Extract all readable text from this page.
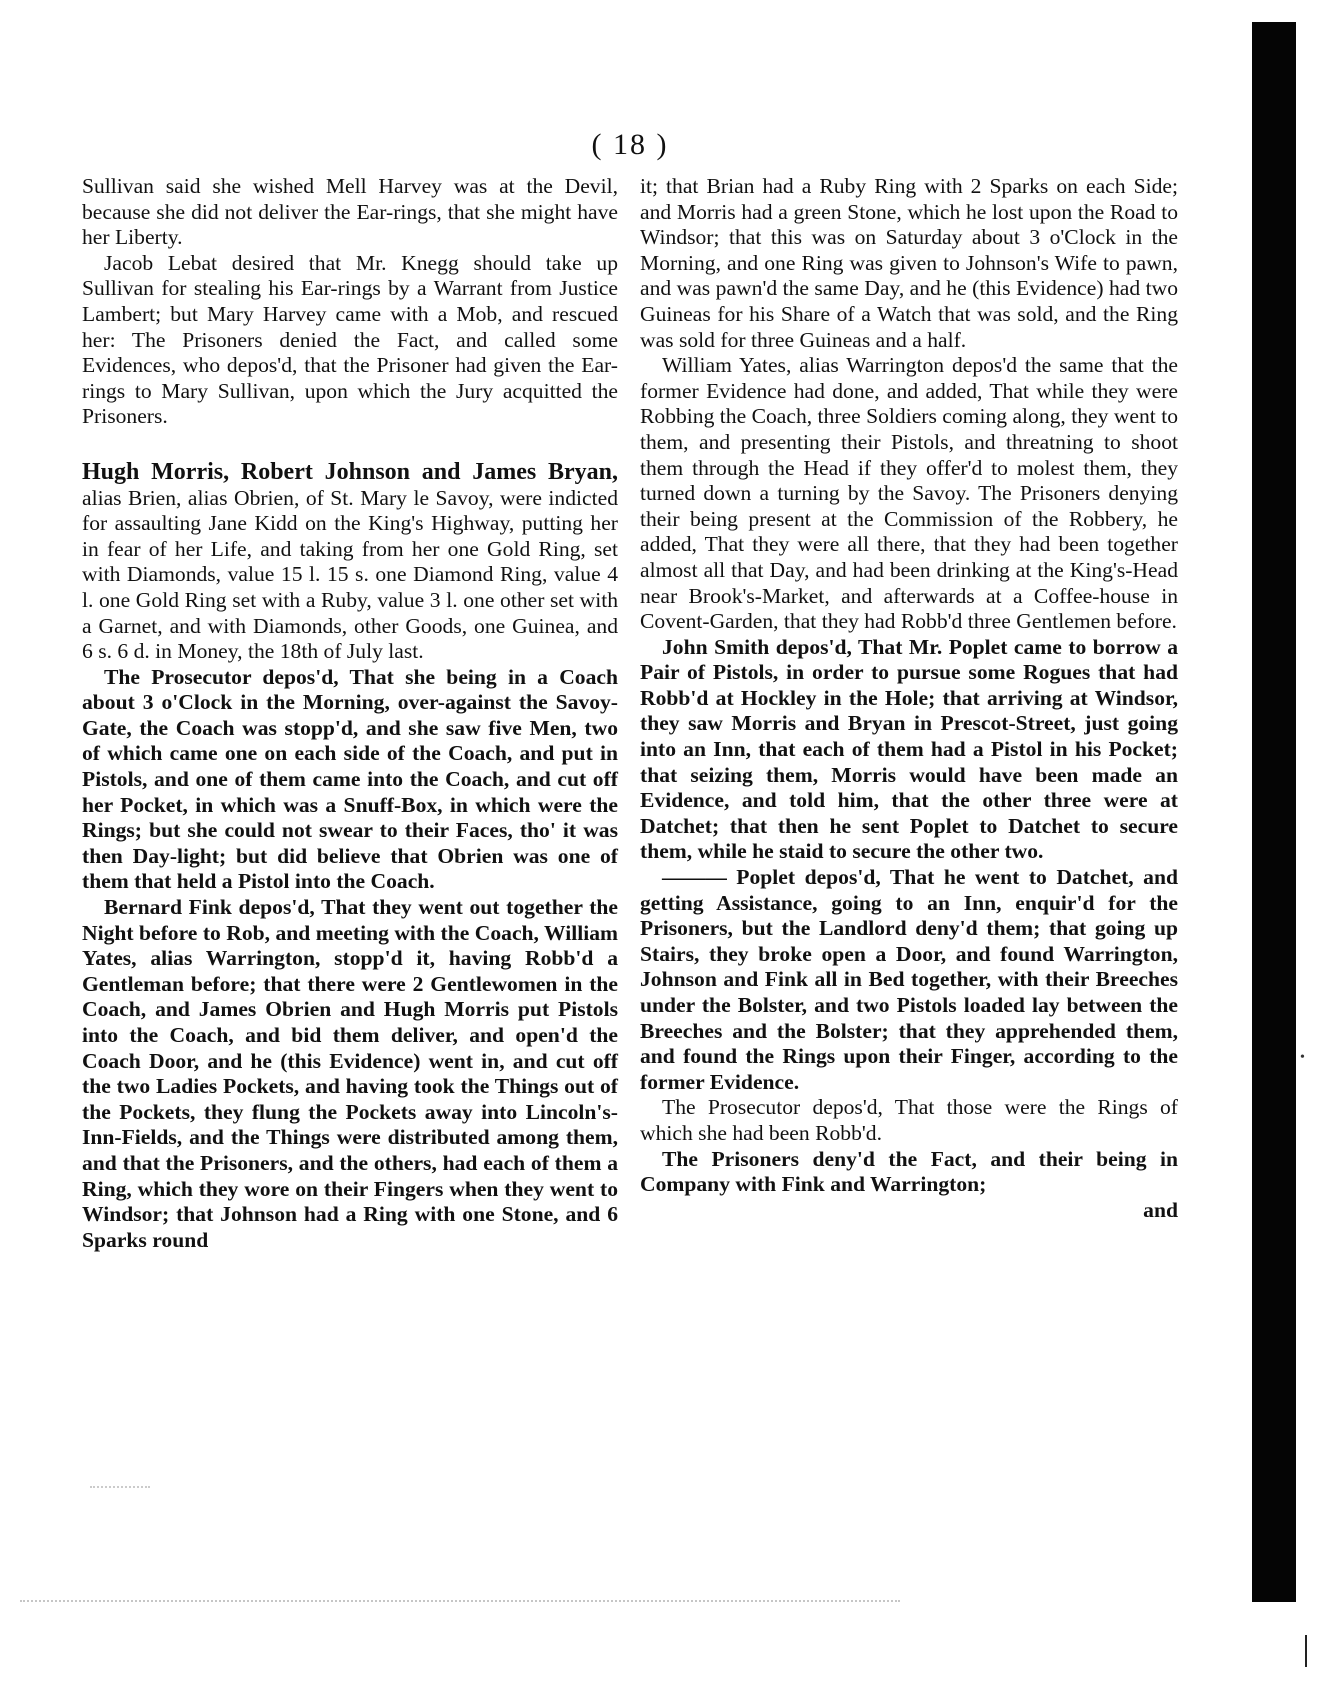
•
( 18 )

Sullivan said she wished Mell Harvey was at the Devil, because she did not deliver the Ear-rings, that she might have her Liberty.

Jacob Lebat desired that Mr. Knegg should take up Sullivan for stealing his Ear-rings by a Warrant from Justice Lambert; but Mary Harvey came with a Mob, and rescued her: The Prisoners denied the Fact, and called some Evidences, who depos'd, that the Prisoner had given the Ear-rings to Mary Sullivan, upon which the Jury acquitted the Prisoners.

Hugh Morris, Robert Johnson and James Bryan, alias Brien, alias Obrien, of St. Mary le Savoy, were indicted for assaulting Jane Kidd on the King's Highway, putting her in fear of her Life, and taking from her one Gold Ring, set with Diamonds, value 15 l. 15 s. one Diamond Ring, value 4 l. one Gold Ring set with a Ruby, value 3 l. one other set with a Garnet, and with Diamonds, other Goods, one Guinea, and 6 s. 6 d. in Money, the 18th of July last.

The Prosecutor depos'd, That she being in a Coach about 3 o'Clock in the Morning, over-against the Savoy-Gate, the Coach was stopp'd, and she saw five Men, two of which came one on each side of the Coach, and put in Pistols, and one of them came into the Coach, and cut off her Pocket, in which was a Snuff-Box, in which were the Rings; but she could not swear to their Faces, tho' it was then Day-light; but did believe that Obrien was one of them that held a Pistol into the Coach.

Bernard Fink depos'd, That they went out together the Night before to Rob, and meeting with the Coach, William Yates, alias Warrington, stopp'd it, having Robb'd a Gentleman before; that there were 2 Gentlewomen in the Coach, and James Obrien and Hugh Morris put Pistols into the Coach, and bid them deliver, and open'd the Coach Door, and he (this Evidence) went in, and cut off the two Ladies Pockets, and having took the Things out of the Pockets, they flung the Pockets away into Lincoln's-Inn-Fields, and the Things were distributed among them, and that the Prisoners, and the others, had each of them a Ring, which they wore on their Fingers when they went to Windsor; that Johnson had a Ring with one Stone, and 6 Sparks round

it; that Brian had a Ruby Ring with 2 Sparks on each Side; and Morris had a green Stone, which he lost upon the Road to Windsor; that this was on Saturday about 3 o'Clock in the Morning, and one Ring was given to Johnson's Wife to pawn, and was pawn'd the same Day, and he (this Evidence) had two Guineas for his Share of a Watch that was sold, and the Ring was sold for three Guineas and a half.

William Yates, alias Warrington depos'd the same that the former Evidence had done, and added, That while they were Robbing the Coach, three Soldiers coming along, they went to them, and presenting their Pistols, and threatning to shoot them through the Head if they offer'd to molest them, they turned down a turning by the Savoy. The Prisoners denying their being present at the Commission of the Robbery, he added, That they were all there, that they had been together almost all that Day, and had been drinking at the King's-Head near Brook's-Market, and afterwards at a Coffee-house in Covent-Garden, that they had Robb'd three Gentlemen before.

John Smith depos'd, That Mr. Poplet came to borrow a Pair of Pistols, in order to pursue some Rogues that had Robb'd at Hockley in the Hole; that arriving at Windsor, they saw Morris and Bryan in Prescot-Street, just going into an Inn, that each of them had a Pistol in his Pocket; that seizing them, Morris would have been made an Evidence, and told him, that the other three were at Datchet; that then he sent Poplet to Datchet to secure them, while he staid to secure the other two.

——— Poplet depos'd, That he went to Datchet, and getting Assistance, going to an Inn, enquir'd for the Prisoners, but the Landlord deny'd them; that going up Stairs, they broke open a Door, and found Warrington, Johnson and Fink all in Bed together, with their Breeches under the Bolster, and two Pistols loaded lay between the Breeches and the Bolster; that they apprehended them, and found the Rings upon their Finger, according to the former Evidence.

The Prosecutor depos'd, That those were the Rings of which she had been Robb'd.

The Prisoners deny'd the Fact, and their being in Company with Fink and Warrington;

and
